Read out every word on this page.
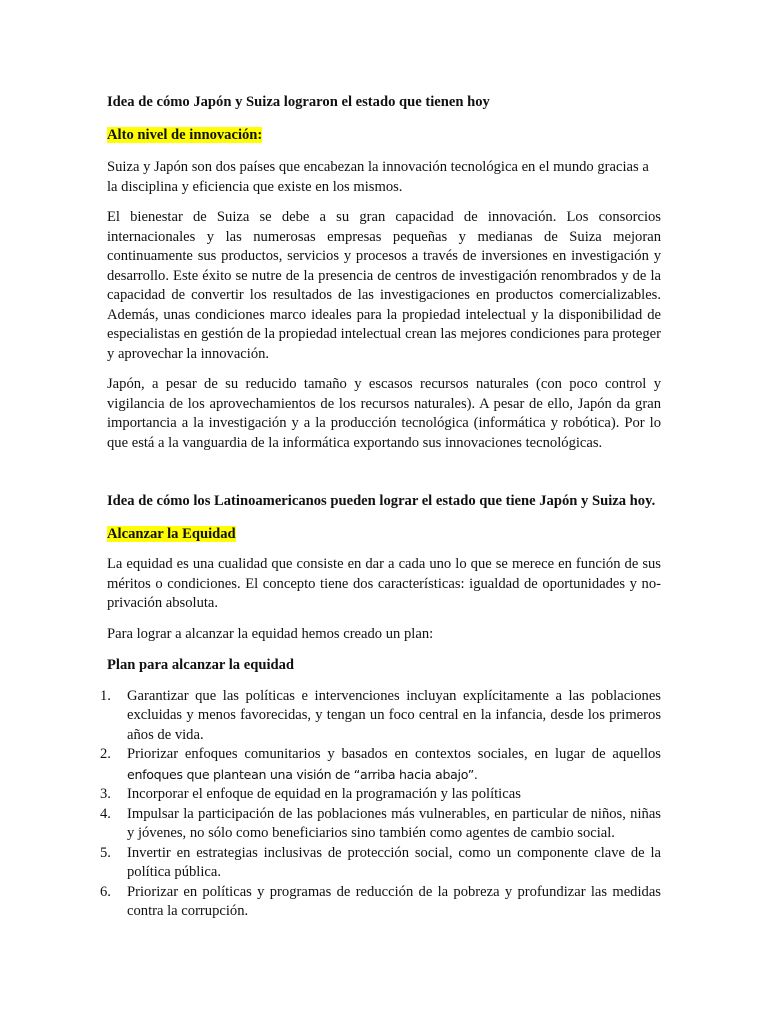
Idea de cómo Japón y Suiza lograron el estado que tienen hoy

Alto nivel de innovación:

Suiza y Japón son dos países que encabezan la innovación tecnológica en el mundo gracias a la disciplina y eficiencia que existe en los mismos.

El bienestar de Suiza se debe a su gran capacidad de innovación. Los consorcios internacionales y las numerosas empresas pequeñas y medianas de Suiza mejoran continuamente sus productos, servicios y procesos a través de inversiones en investigación y desarrollo. Este éxito se nutre de la presencia de centros de investigación renombrados y de la capacidad de convertir los resultados de las investigaciones en productos comercializables. Además, unas condiciones marco ideales para la propiedad intelectual y la disponibilidad de especialistas en gestión de la propiedad intelectual crean las mejores condiciones para proteger y aprovechar la innovación.

Japón, a pesar de su reducido tamaño y escasos recursos naturales (con poco control y vigilancia de los aprovechamientos de los recursos naturales). A pesar de ello, Japón da gran importancia a la investigación y a la producción tecnológica (informática y robótica). Por lo que está a la vanguardia de la informática exportando sus innovaciones tecnológicas.

Idea de cómo los Latinoamericanos pueden lograr el estado que tiene Japón y Suiza hoy.

Alcanzar la Equidad

La equidad es una cualidad que consiste en dar a cada uno lo que se merece en función de sus méritos o condiciones. El concepto tiene dos características: igualdad de oportunidades y no-privación absoluta.

Para lograr a alcanzar la equidad hemos creado un plan:

Plan para alcanzar la equidad

1. Garantizar que las políticas e intervenciones incluyan explícitamente a las poblaciones excluidas y menos favorecidas, y tengan un foco central en la infancia, desde los primeros años de vida.
2. Priorizar enfoques comunitarios y basados en contextos sociales, en lugar de aquellos enfoques que plantean una visión de “arriba hacia abajo”.
3. Incorporar el enfoque de equidad en la programación y las políticas
4. Impulsar la participación de las poblaciones más vulnerables, en particular de niños, niñas y jóvenes, no sólo como beneficiarios sino también como agentes de cambio social.
5. Invertir en estrategias inclusivas de protección social, como un componente clave de la política pública.
6. Priorizar en políticas y programas de reducción de la pobreza y profundizar las medidas contra la corrupción.
